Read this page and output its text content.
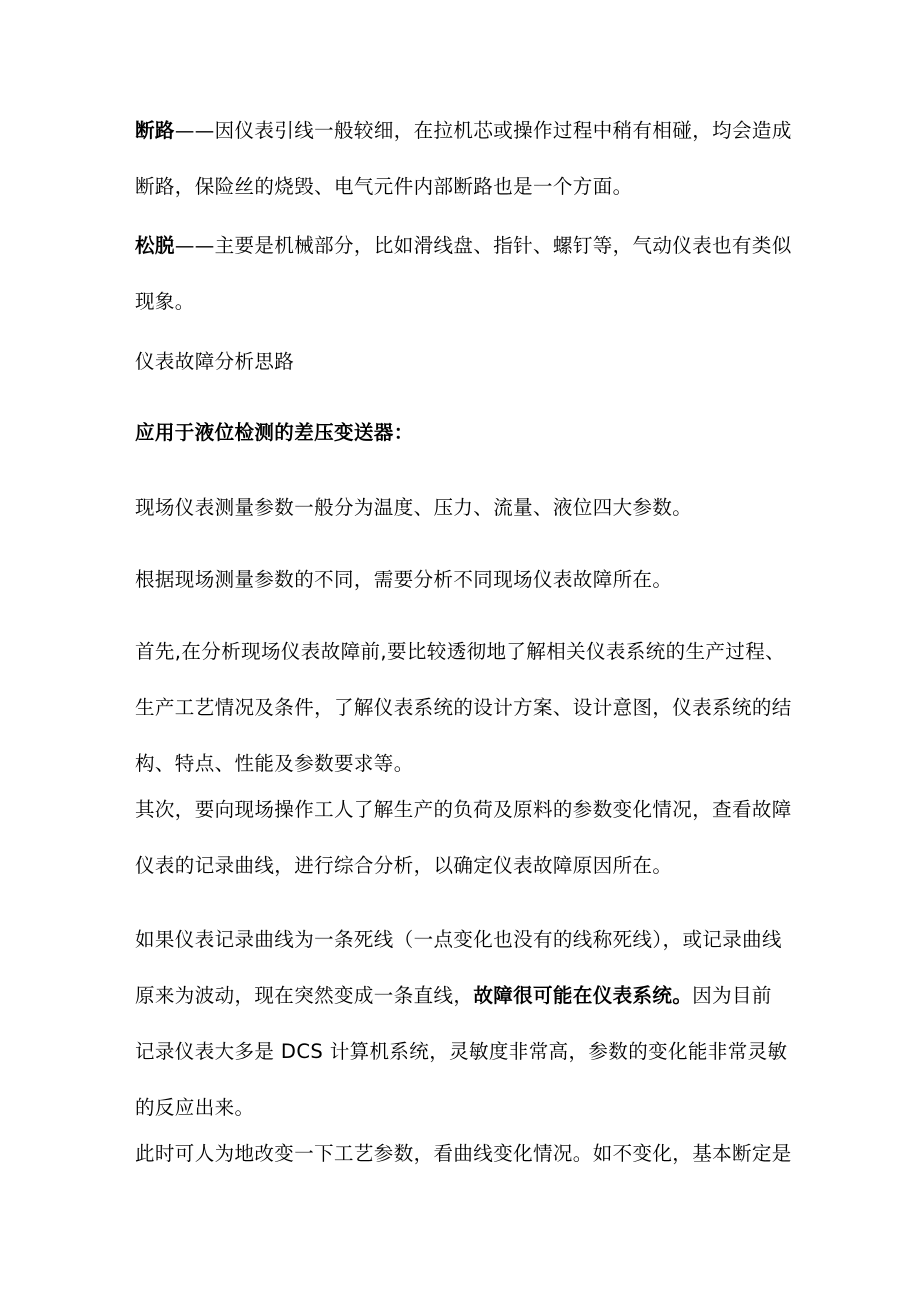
断路——因仪表引线一般较细，在拉机芯或操作过程中稍有相碰，均会造成
断路，保险丝的烧毁、电气元件内部断路也是一个方面。
松脱——主要是机械部分，比如滑线盘、指针、螺钉等，气动仪表也有类似
现象。
仪表故障分析思路
应用于液位检测的差压变送器：
现场仪表测量参数一般分为温度、压力、流量、液位四大参数。
根据现场测量参数的不同，需要分析不同现场仪表故障所在。
首先,在分析现场仪表故障前,要比较透彻地了解相关仪表系统的生产过程、
生产工艺情况及条件，了解仪表系统的设计方案、设计意图，仪表系统的结
构、特点、性能及参数要求等。
其次，要向现场操作工人了解生产的负荷及原料的参数变化情况，查看故障
仪表的记录曲线，进行综合分析，以确定仪表故障原因所在。
如果仪表记录曲线为一条死线（一点变化也没有的线称死线），或记录曲线
原来为波动，现在突然变成一条直线，故障很可能在仪表系统。因为目前
记录仪表大多是 DCS 计算机系统，灵敏度非常高，参数的变化能非常灵敏
的反应出来。
此时可人为地改变一下工艺参数，看曲线变化情况。如不变化，基本断定是
